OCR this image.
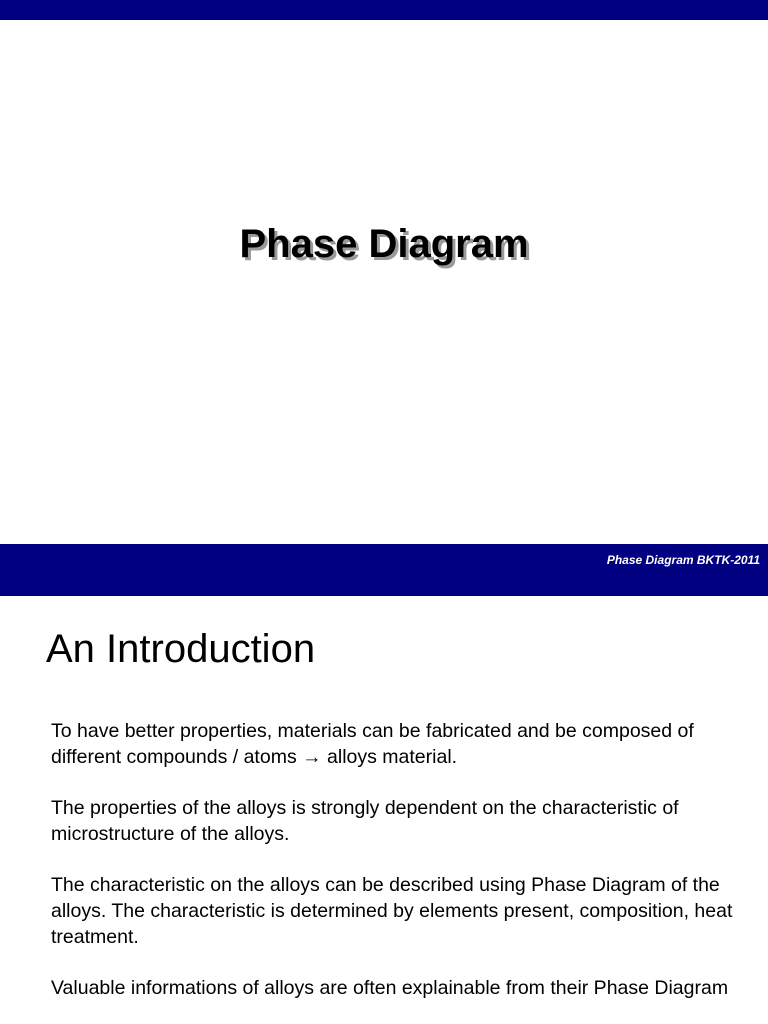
Phase Diagram
Phase Diagram BKTK-2011
An Introduction

To have better properties, materials can be fabricated and be composed of different compounds / atoms → alloys material.

The properties of the alloys is strongly dependent on the characteristic of microstructure of the alloys.

The characteristic on the alloys can be described using Phase Diagram of the alloys. The characteristic is determined by elements present, composition, heat treatment.

Valuable informations of alloys are often explainable from their Phase Diagram
